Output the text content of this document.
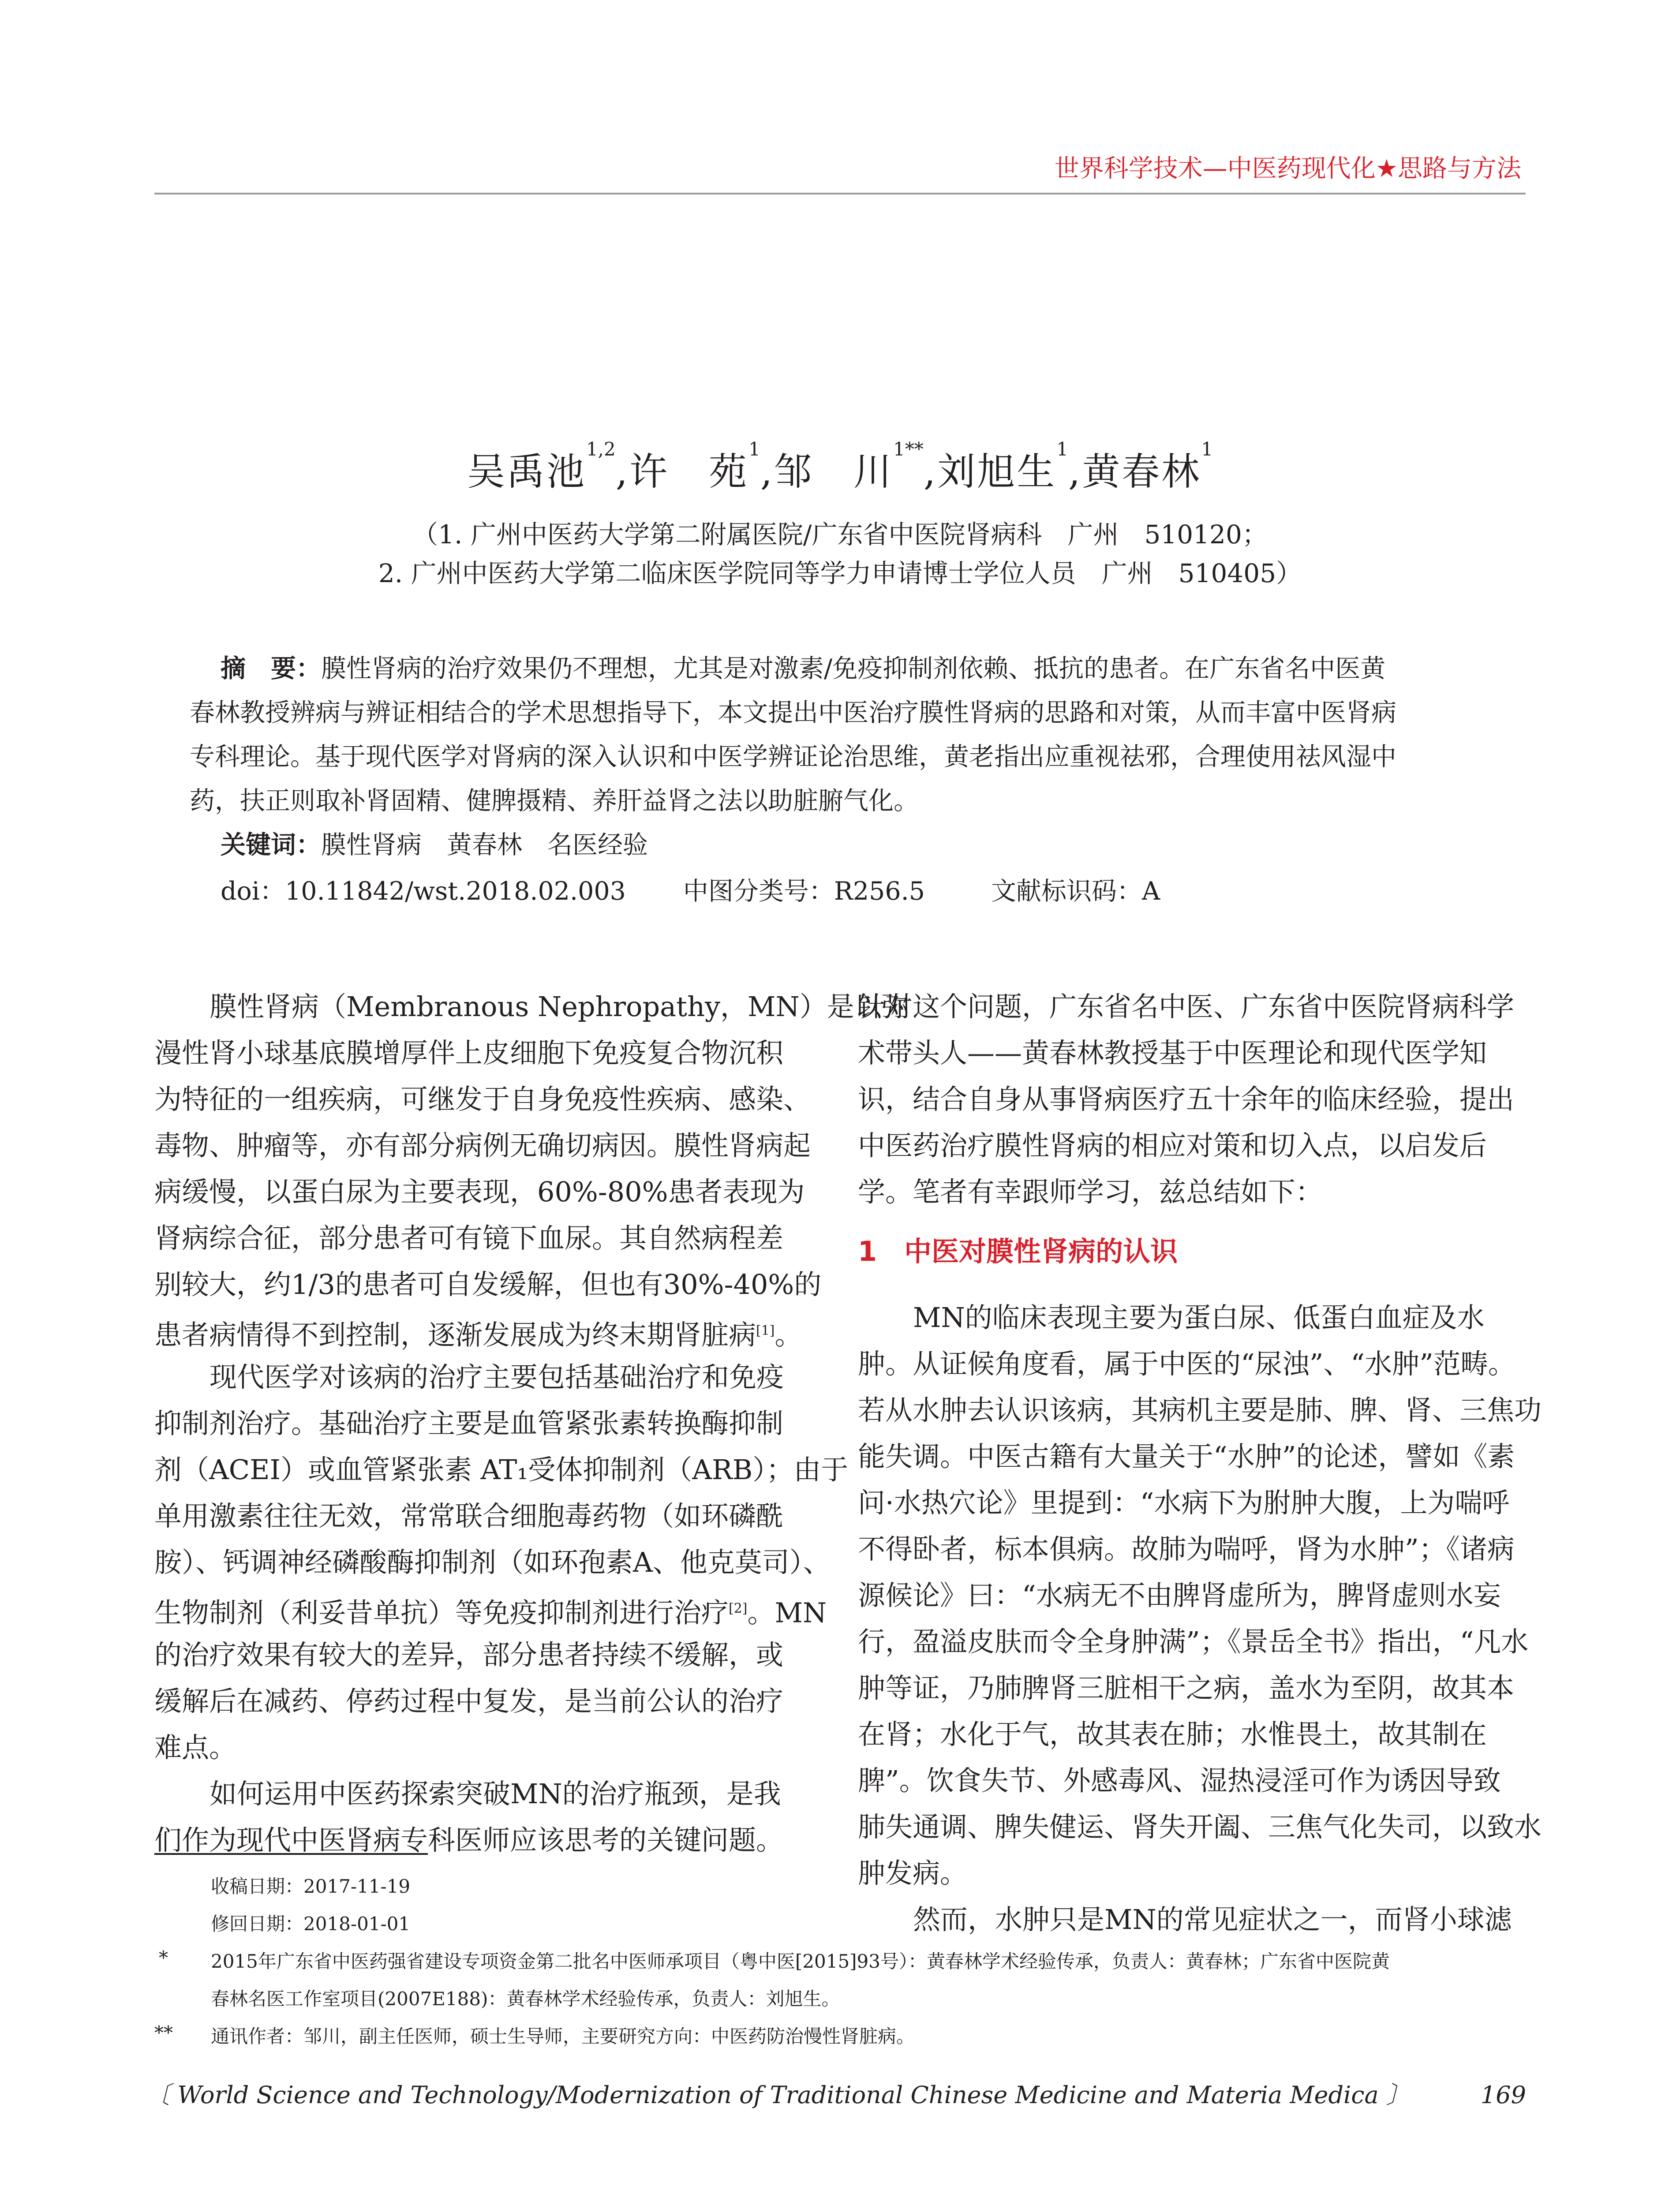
世界科学技术—中医药现代化★思路与方法
吴禹池$^{1,2}$,许　苑$^1$,邹　川$^{1**}$,刘旭生$^1$,黄春林$^1$
（1. 广州中医药大学第二附属医院/广东省中医院肾病科　广州　510120；
2. 广州中医药大学第二临床医学院同等学力申请博士学位人员　广州　510405）
摘　要：膜性肾病的治疗效果仍不理想，尤其是对激素/免疫抑制剂依赖、抵抗的患者。在广东省名中医黄
春林教授辨病与辨证相结合的学术思想指导下，本文提出中医治疗膜性肾病的思路和对策，从而丰富中医肾病
专科理论。基于现代医学对肾病的深入认识和中医学辨证论治思维，黄老指出应重视祛邪，合理使用祛风湿中
药，扶正则取补肾固精、健脾摄精、养肝益肾之法以助脏腑气化。
关键词：膜性肾病　黄春林　名医经验
doi：10.11842/wst.2018.02.003 中图分类号：R256.5	文献标识码：A
膜性肾病（Membranous Nephropathy，MN）是以弥
漫性肾小球基底膜增厚伴上皮细胞下免疫复合物沉积
为特征的一组疾病，可继发于自身免疫性疾病、感染、
毒物、肿瘤等，亦有部分病例无确切病因。膜性肾病起
病缓慢，以蛋白尿为主要表现，60%-80%患者表现为
肾病综合征，部分患者可有镜下血尿。其自然病程差
别较大，约1/3的患者可自发缓解，但也有30%-40%的
患者病情得不到控制，逐渐发展成为终末期肾脏病[1]。
现代医学对该病的治疗主要包括基础治疗和免疫
抑制剂治疗。基础治疗主要是血管紧张素转换酶抑制
剂（ACEI）或血管紧张素 AT₁受体抑制剂（ARB）；由于
单用激素往往无效，常常联合细胞毒药物（如环磷酰
胺）、钙调神经磷酸酶抑制剂（如环孢素A、他克莫司）、
生物制剂（利妥昔单抗）等免疫抑制剂进行治疗[2]。MN
的治疗效果有较大的差异，部分患者持续不缓解，或
缓解后在减药、停药过程中复发，是当前公认的治疗
难点。
如何运用中医药探索突破MN的治疗瓶颈，是我
们作为现代中医肾病专科医师应该思考的关键问题。
针对这个问题，广东省名中医、广东省中医院肾病科学
术带头人——黄春林教授基于中医理论和现代医学知
识，结合自身从事肾病医疗五十余年的临床经验，提出
中医药治疗膜性肾病的相应对策和切入点，以启发后
学。笔者有幸跟师学习，兹总结如下：
1　中医对膜性肾病的认识
MN的临床表现主要为蛋白尿、低蛋白血症及水
肿。从证候角度看，属于中医的“尿浊”、“水肿”范畴。
若从水肿去认识该病，其病机主要是肺、脾、肾、三焦功
能失调。中医古籍有大量关于“水肿”的论述，譬如《素
问·水热穴论》里提到：“水病下为胕肿大腹，上为喘呼
不得卧者，标本俱病。故肺为喘呼，肾为水肿”；《诸病
源候论》曰：“水病无不由脾肾虚所为，脾肾虚则水妄
行，盈溢皮肤而令全身肿满”；《景岳全书》指出，“凡水
肿等证，乃肺脾肾三脏相干之病，盖水为至阴，故其本
在肾；水化于气，故其表在肺；水惟畏土，故其制在
脾”。饮食失节、外感毒风、湿热浸淫可作为诱因导致
肺失通调、脾失健运、肾失开阖、三焦气化失司，以致水
肿发病。
然而，水肿只是MN的常见症状之一，而肾小球滤
收稿日期：2017-11-19
修回日期：2018-01-01
* 2015年广东省中医药强省建设专项资金第二批名中医师承项目（粤中医[2015]93号）：黄春林学术经验传承，负责人：黄春林；广东省中医院黄
春林名医工作室项目(2007E188)：黄春林学术经验传承，负责人：刘旭生。
** 通讯作者：邹川，副主任医师，硕士生导师，主要研究方向：中医药防治慢性肾脏病。
〔 World Science and Technology/Modernization of Traditional Chinese Medicine and Materia Medica 〕	169
